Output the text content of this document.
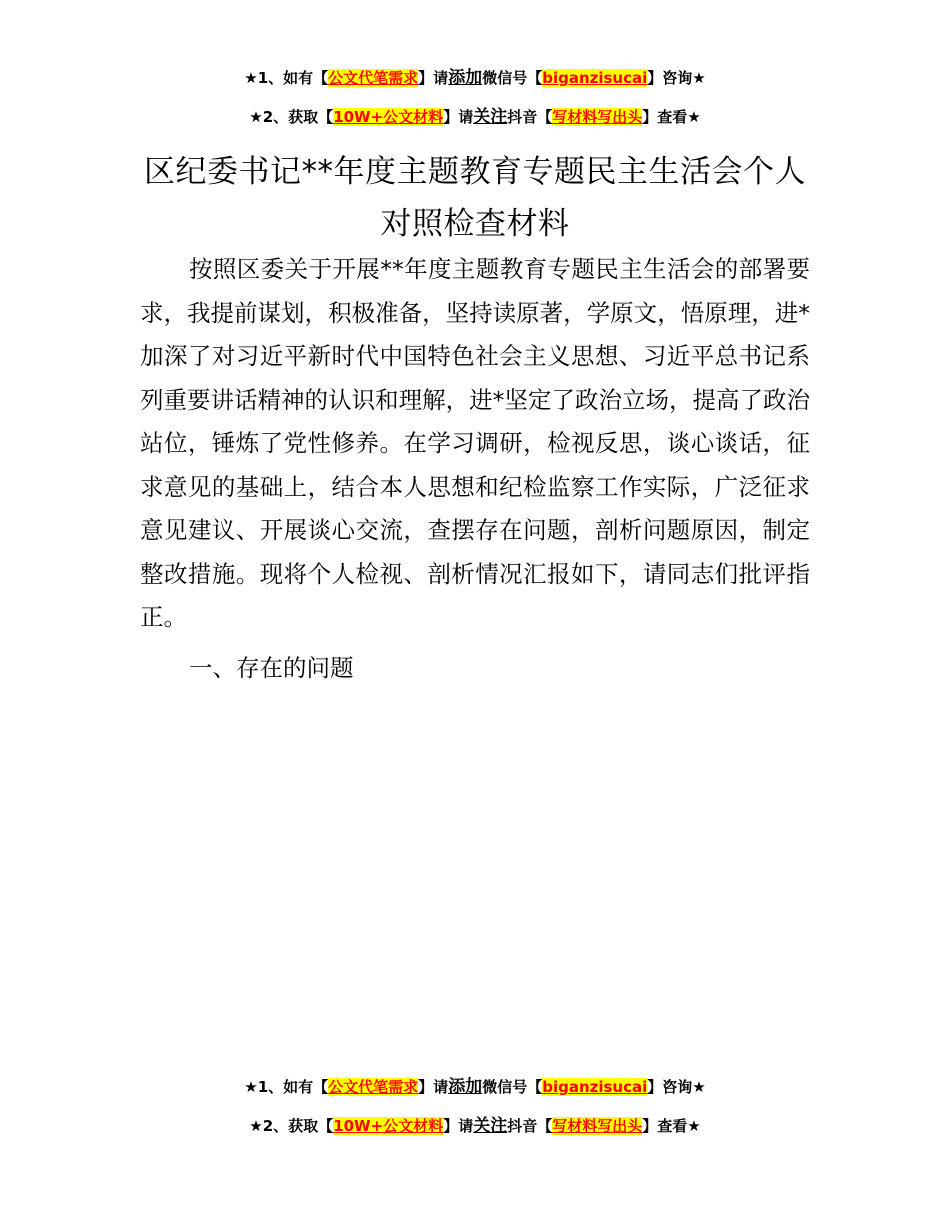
★1、如有【公文代笔需求】请添加微信号【biganzisucai】咨询★
★2、获取【10W+公文材料】请关注抖音【写材料写出头】查看★
区纪委书记**年度主题教育专题民主生活会个人对照检查材料

按照区委关于开展**年度主题教育专题民主生活会的部署要求，我提前谋划，积极准备，坚持读原著，学原文，悟原理，进*加深了对习近平新时代中国特色社会主义思想、习近平总书记系列重要讲话精神的认识和理解，进*坚定了政治立场，提高了政治站位，锤炼了党性修养。在学习调研，检视反思，谈心谈话，征求意见的基础上，结合本人思想和纪检监察工作实际，广泛征求意见建议、开展谈心交流，查摆存在问题，剖析问题原因，制定整改措施。现将个人检视、剖析情况汇报如下，请同志们批评指正。

一、存在的问题

★1、如有【公文代笔需求】请添加微信号【biganzisucai】咨询★
★2、获取【10W+公文材料】请关注抖音【写材料写出头】查看★
